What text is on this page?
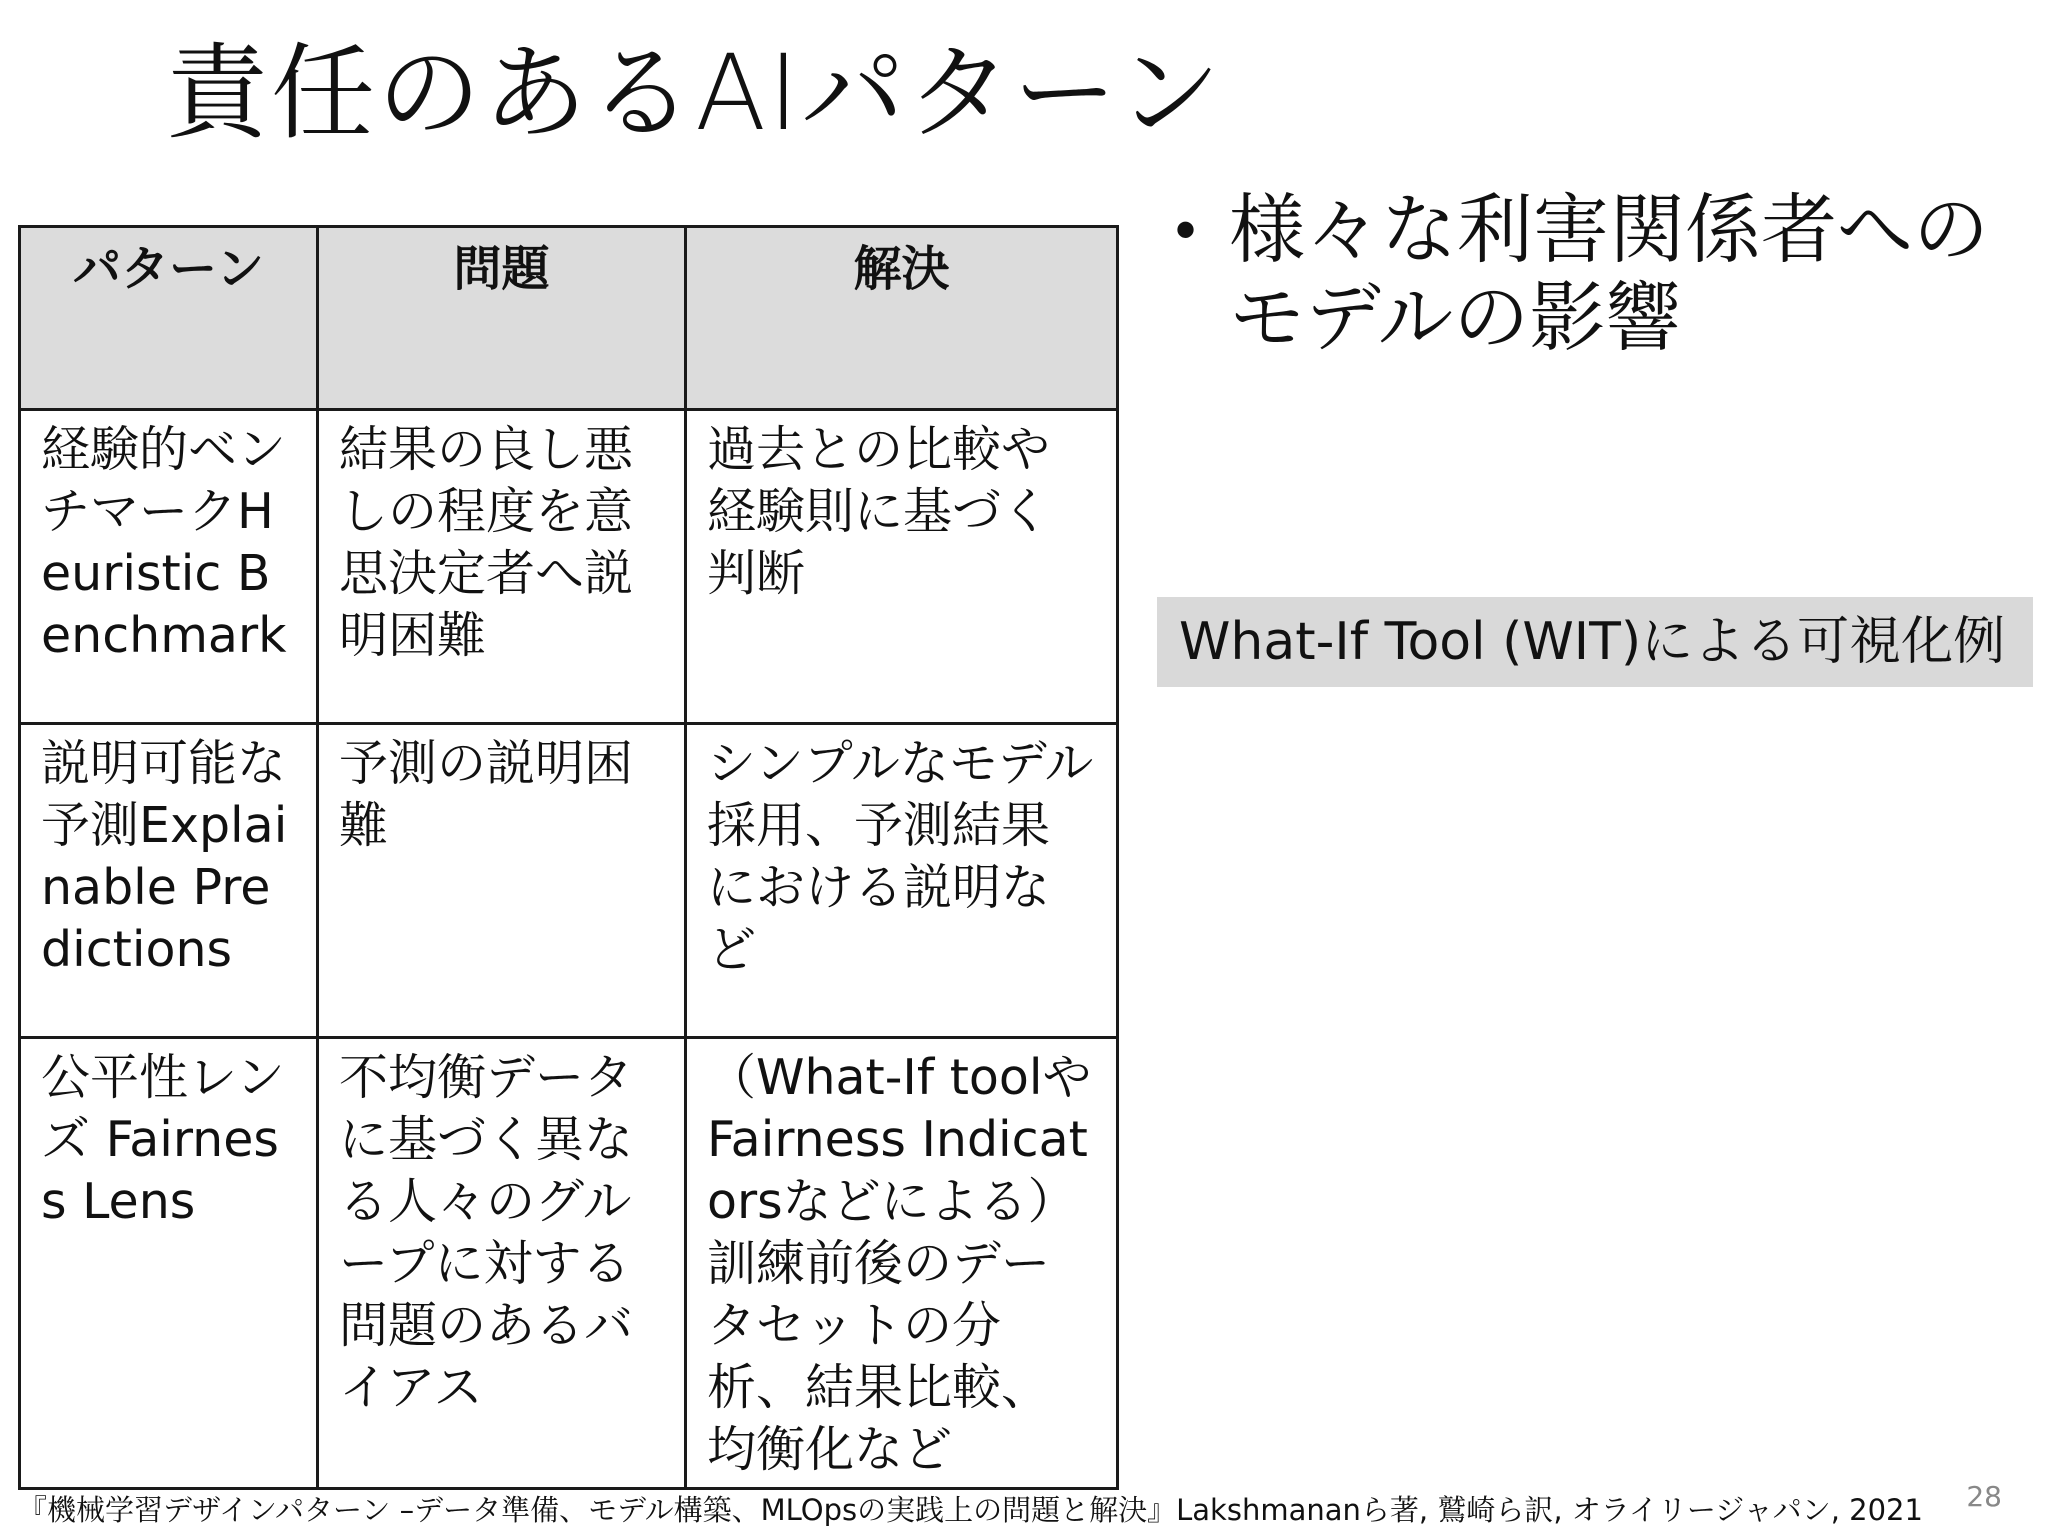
責任のあるAIパターン
パターン	問題	解決
経験的ベンチマークHeuristic Benchmark	結果の良し悪しの程度を意思決定者へ説明困難	過去との比較や経験則に基づく判断
説明可能な予測Explainable Predictions	予測の説明困難	シンプルなモデル採用、予測結果における説明など
公平性レンズ Fairness Lens	不均衡データに基づく異なる人々のグループに対する問題のあるバイアス	（What-If toolやFairness Indicatorsなどによる）訓練前後のデータセットの分析、結果比較、均衡化など
• 様々な利害関係者へのモデルの影響
What-If Tool (WIT)による可視化例
『機械学習デザインパターン –データ準備、モデル構築、MLOpsの実践上の問題と解決』Lakshmananら著, 鷲崎ら訳, オライリージャパン, 2021 28
